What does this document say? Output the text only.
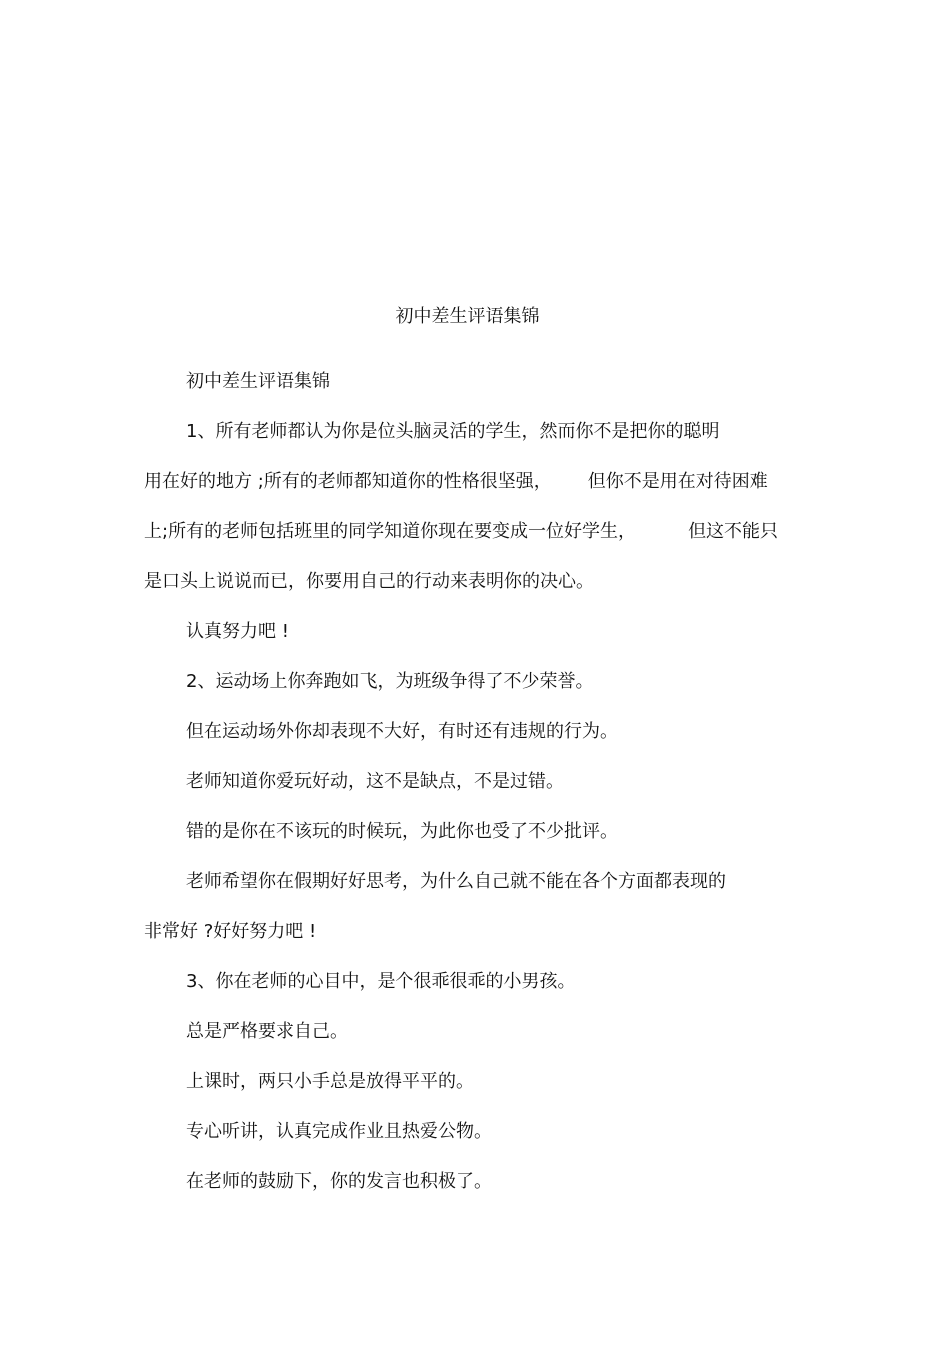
初中差生评语集锦
初中差生评语集锦
1、所有老师都认为你是位头脑灵活的学生，然而你不是把你的聪明
用在好的地方 ;所有的老师都知道你的性格很坚强， 但你不是用在对待困难
上;所有的老师包括班里的同学知道你现在要变成一位好学生，	但这不能只
是口头上说说而已，你要用自己的行动来表明你的决心。
认真努力吧 !
2、运动场上你奔跑如飞，为班级争得了不少荣誉。
但在运动场外你却表现不大好，有时还有违规的行为。
老师知道你爱玩好动，这不是缺点，不是过错。
错的是你在不该玩的时候玩，为此你也受了不少批评。
老师希望你在假期好好思考，为什么自己就不能在各个方面都表现的
非常好 ?好好努力吧 !
3、你在老师的心目中，是个很乖很乖的小男孩。
总是严格要求自己。
上课时，两只小手总是放得平平的。
专心听讲，认真完成作业且热爱公物。
在老师的鼓励下，你的发言也积极了。
